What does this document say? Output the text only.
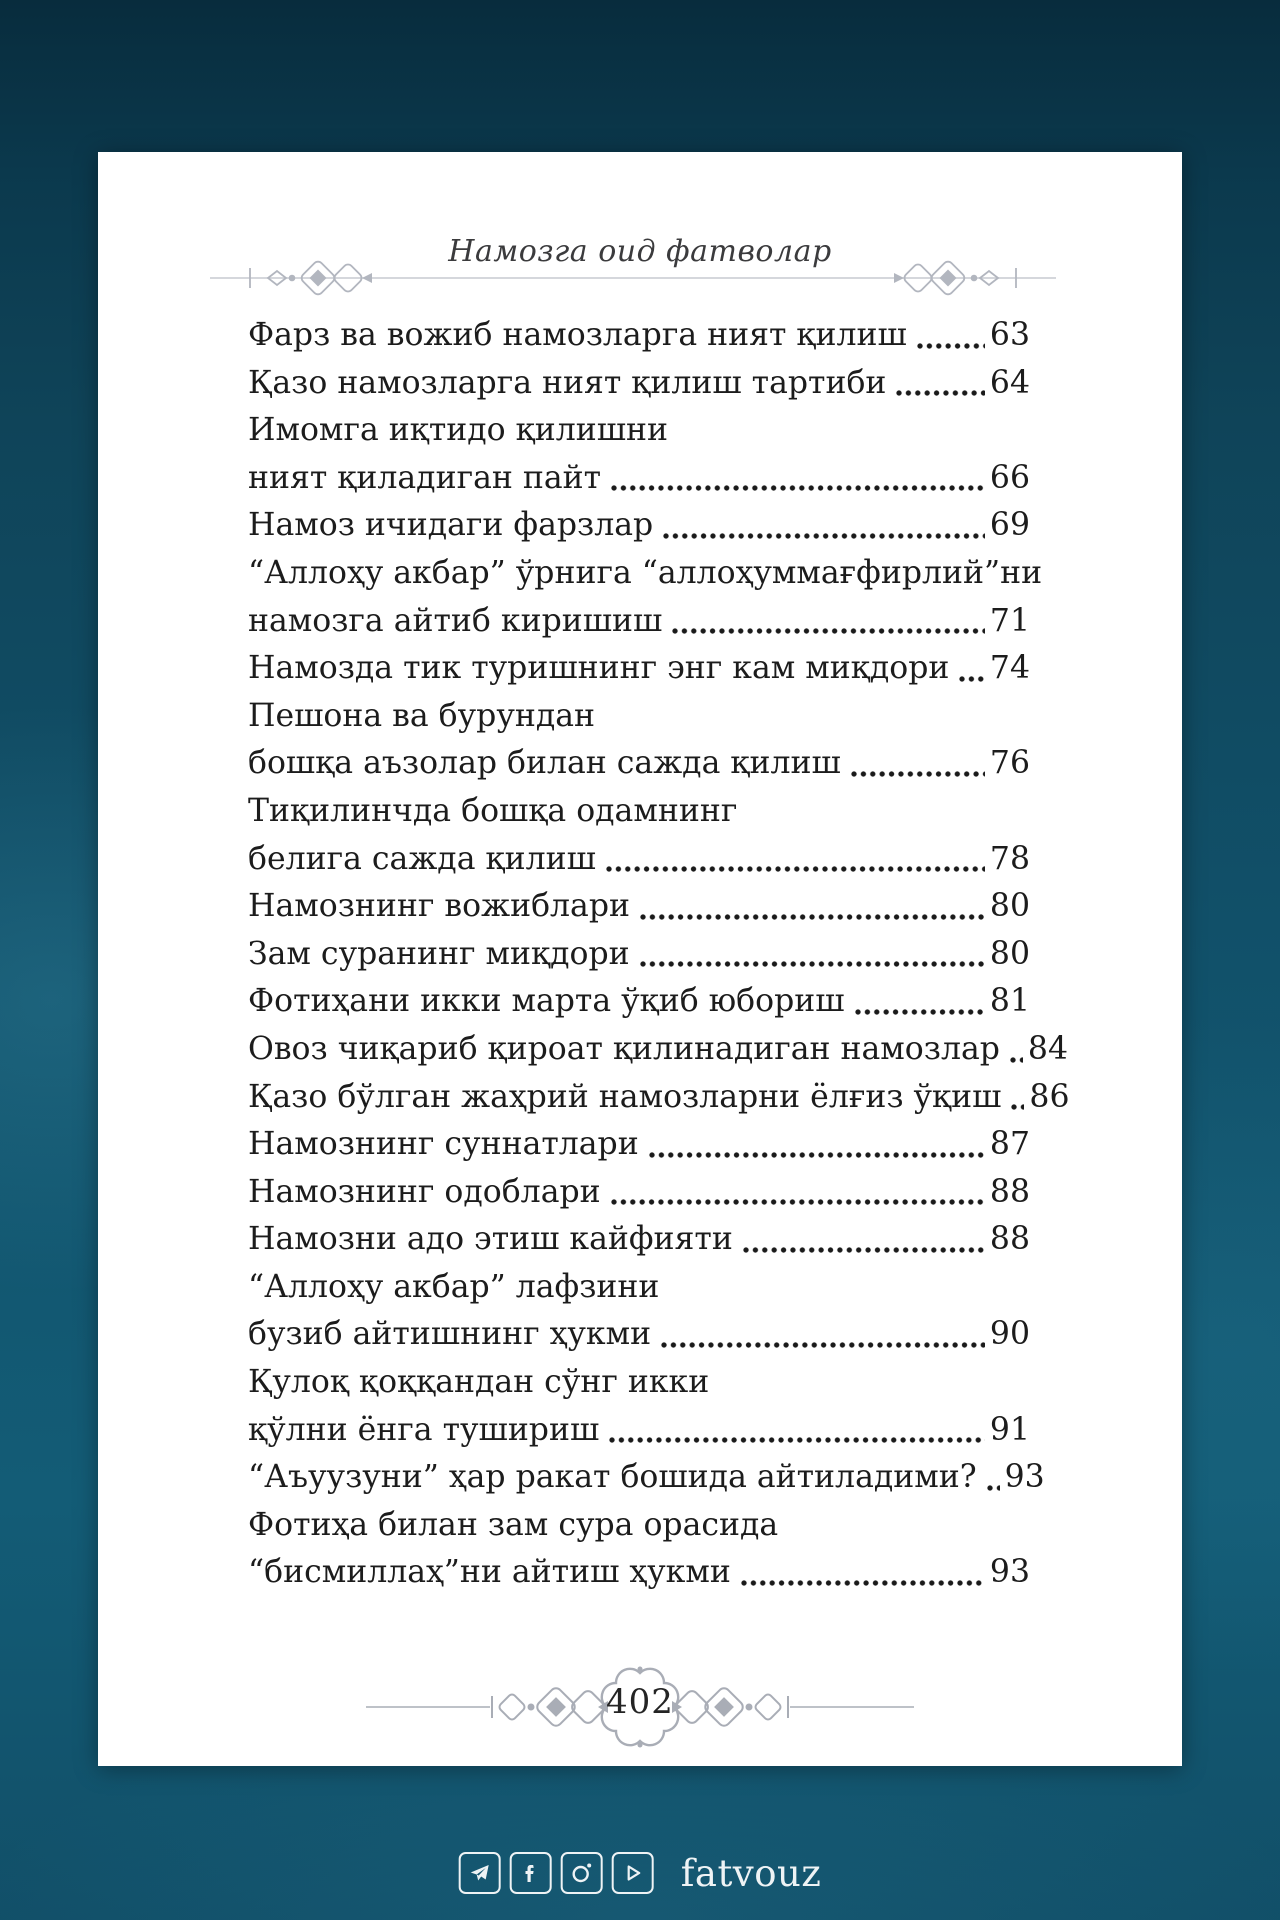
Намозга оид фатволар
Фарз ва вожиб намозларга ният қилиш	63
Қазо намозларга ният қилиш тартиби	64
Имомга иқтидо қилишни
ният қиладиган пайт	66
Намоз ичидаги фарзлар	69
“Аллоҳу акбар” ўрнига “аллоҳуммағфирлий”ни
намозга айтиб киришиш	71
Намозда тик туришнинг энг кам миқдори 74
Пешона ва бурундан
бошқа аъзолар билан сажда қилиш	76
Тиқилинчда бошқа одамнинг
белига сажда қилиш	78
Намознинг вожиблари	80
Зам суранинг миқдори	80
Фотиҳани икки марта ўқиб юбориш	81
Овоз чиқариб қироат қилинадиган намозлар 84
Қазо бўлган жаҳрий намозларни ёлғиз ўқиш 86
Намознинг суннатлари	87
Намознинг одоблари	88
Намозни адо этиш кайфияти	88
“Аллоҳу акбар” лафзини
бузиб айтишнинг ҳукми	90
Қулоқ қоққандан сўнг икки
қўлни ёнга тушириш	91
“Аъуузуни” ҳар ракат бошида айтиладими? 93
Фотиҳа билан зам сура орасида
“бисмиллаҳ”ни айтиш ҳукми	93
402
fatvouz
